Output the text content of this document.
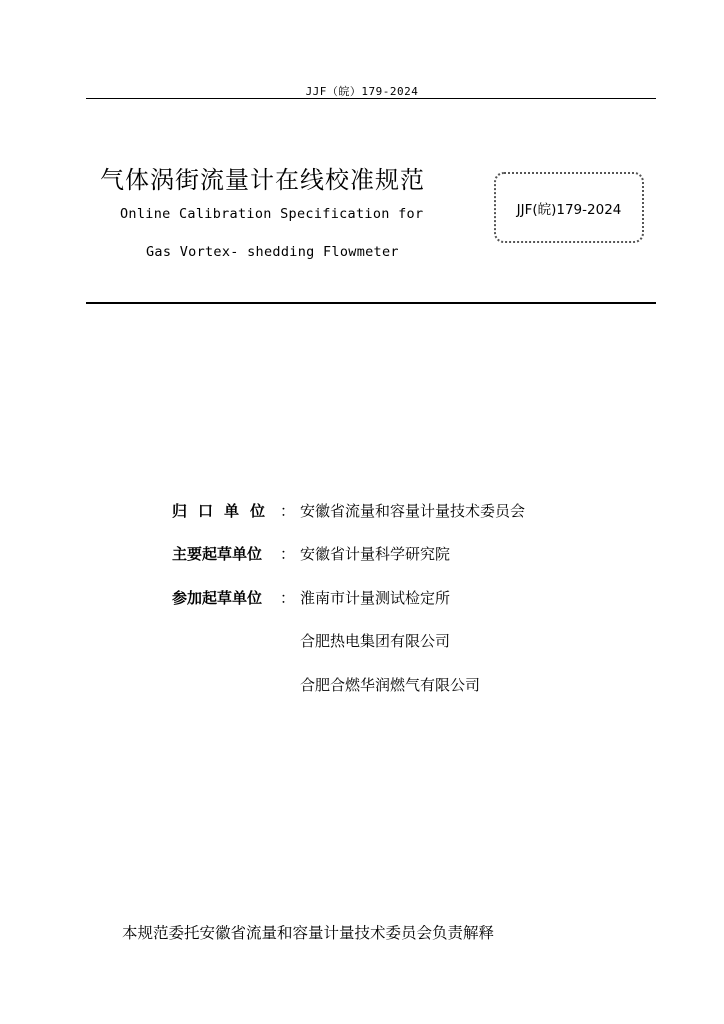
JJF（皖）179-2024
气体涡街流量计在线校准规范
Online Calibration Specification for
Gas Vortex- shedding Flowmeter
JJF(皖)179-2024
归口单位 ： 安徽省流量和容量计量技术委员会
主要起草单位	： 安徽省计量科学研究院
参加起草单位	： 淮南市计量测试检定所
合肥热电集团有限公司
合肥合燃华润燃气有限公司
本规范委托安徽省流量和容量计量技术委员会负责解释
